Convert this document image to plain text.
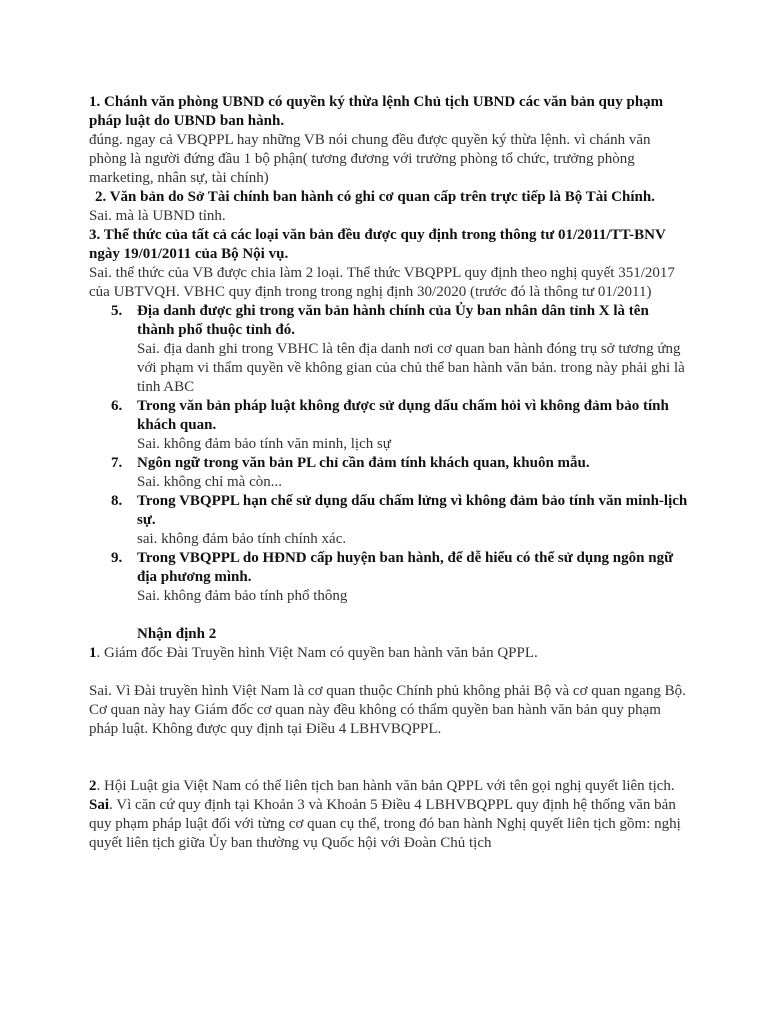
1. Chánh văn phòng UBND có quyền ký thừa lệnh Chủ tịch UBND các văn bản quy phạm pháp luật do UBND ban hành.

đúng. ngay cả VBQPPL hay những VB nói chung đều được quyền ký thừa lệnh. vì chánh văn phòng là người đứng đầu 1 bộ phận( tương đương với trưởng phòng tổ chức, trưởng phòng marketing, nhân sự, tài chính)

2. Văn bản do Sở Tài chính ban hành có ghi cơ quan cấp trên trực tiếp là Bộ Tài Chính.

Sai. mà là UBND tỉnh.

3. Thể thức của tất cả các loại văn bản đều được quy định trong thông tư 01/2011/TT-BNV ngày 19/01/2011 của Bộ Nội vụ.

Sai. thể thức của VB được chia làm 2 loại. Thể thức VBQPPL quy định theo nghị quyết 351/2017 của UBTVQH. VBHC quy định trong trong nghị định 30/2020 (trước đó là thông tư 01/2011)

5. Địa danh được ghi trong văn bản hành chính của Ủy ban nhân dân tỉnh X là tên thành phố thuộc tỉnh đó.

Sai. địa danh ghi trong VBHC là tên địa danh nơi cơ quan ban hành đóng trụ sở tương ứng với phạm vi thẩm quyền về không gian của chủ thể ban hành văn bản. trong này phải ghi là tỉnh ABC

6. Trong văn bản pháp luật không được sử dụng dấu chấm hỏi vì không đảm bảo tính khách quan.

Sai. không đảm bảo tính văn minh, lịch sự

7. Ngôn ngữ trong văn bản PL chỉ cần đảm tính khách quan, khuôn mẫu.

Sai. không chỉ mà còn...

8. Trong VBQPPL hạn chế sử dụng dấu chấm lửng vì không đảm bảo tính văn minh-lịch sự.

sai. không đảm bảo tính chính xác.

9. Trong VBQPPL do HĐND cấp huyện ban hành, để dễ hiểu có thể sử dụng ngôn ngữ địa phương mình.

Sai. không đảm bảo tính phổ thông

Nhận định 2

1. Giám đốc Đài Truyền hình Việt Nam có quyền ban hành văn bản QPPL.

Sai. Vì Đài truyền hình Việt Nam là cơ quan thuộc Chính phủ không phải Bộ và cơ quan ngang Bộ. Cơ quan này hay Giám đốc cơ quan này đều không có thẩm quyền ban hành văn bản quy phạm pháp luật. Không được quy định tại Điều 4 LBHVBQPPL.

2. Hội Luật gia Việt Nam có thể liên tịch ban hành văn bản QPPL với tên gọi nghị quyết liên tịch.

Sai. Vì căn cứ quy định tại Khoản 3 và Khoản 5 Điều 4 LBHVBQPPL quy định hệ thống văn bản quy phạm pháp luật đối với từng cơ quan cụ thể, trong đó ban hành Nghị quyết liên tịch gồm: nghị quyết liên tịch giữa Ủy ban thường vụ Quốc hội với Đoàn Chủ tịch
